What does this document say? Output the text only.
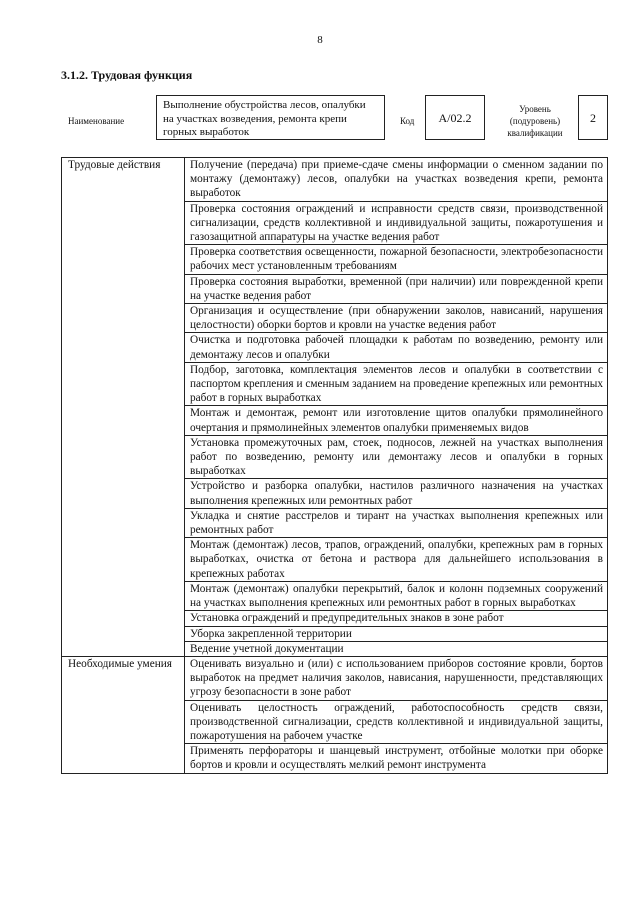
8
3.1.2. Трудовая функция
Наименование
Выполнение обустройства лесов, опалубки на участках возведения, ремонта крепи горных выработок
Код	А/02.2
Уровень (подуровень) квалификации
2
Трудовые действия	Получение (передача) при приеме-сдаче смены информации о сменном задании по монтажу (демонтажу) лесов, опалубки на участках возведения крепи, ремонта выработок
	Проверка состояния ограждений и исправности средств связи, производственной сигнализации, средств коллективной и индивидуальной защиты, пожаротушения и газозащитной аппаратуры на участке ведения работ
	Проверка соответствия освещенности, пожарной безопасности, электробезопасности рабочих мест установленным требованиям
	Проверка состояния выработки, временной (при наличии) или поврежденной крепи на участке ведения работ
	Организация и осуществление (при обнаружении заколов, нависаний, нарушения целостности) оборки бортов и кровли на участке ведения работ
	Очистка и подготовка рабочей площадки к работам по возведению, ремонту или демонтажу лесов и опалубки
	Подбор, заготовка, комплектация элементов лесов и опалубки в соответствии с паспортом крепления и сменным заданием на проведение крепежных или ремонтных работ в горных выработках
	Монтаж и демонтаж, ремонт или изготовление щитов опалубки прямолинейного очертания и прямолинейных элементов опалубки применяемых видов
	Установка промежуточных рам, стоек, подносов, лежней на участках выполнения работ по возведению, ремонту или демонтажу лесов и опалубки в горных выработках
	Устройство и разборка опалубки, настилов различного назначения на участках выполнения крепежных или ремонтных работ
	Укладка и снятие расстрелов и тирант на участках выполнения крепежных или ремонтных работ
	Монтаж (демонтаж) лесов, трапов, ограждений, опалубки, крепежных рам в горных выработках, очистка от бетона и раствора для дальнейшего использования в крепежных работах
	Монтаж (демонтаж) опалубки перекрытий, балок и колонн подземных сооружений на участках выполнения крепежных или ремонтных работ в горных выработках
	Установка ограждений и предупредительных знаков в зоне работ
	Уборка закрепленной территории
	Ведение учетной документации
Необходимые умения	Оценивать визуально и (или) с использованием приборов состояние кровли, бортов выработок на предмет наличия заколов, нависания, нарушенности, представляющих угрозу безопасности в зоне работ
	Оценивать целостность ограждений, работоспособность средств связи, производственной сигнализации, средств коллективной и индивидуальной защиты, пожаротушения на рабочем участке
	Применять перфораторы и шанцевый инструмент, отбойные молотки при оборке бортов и кровли и осуществлять мелкий ремонт инструмента
